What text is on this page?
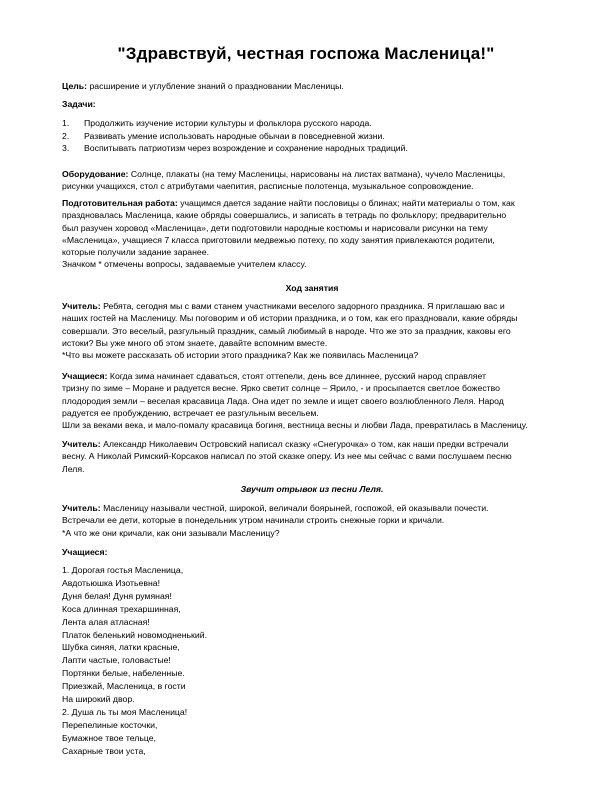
"Здравствуй, честная госпожа Масленица!"

Цель: расширение и углубление знаний о праздновании Масленицы.

Задачи:

1. Продолжить изучение истории культуры и фольклора русского народа.
2. Развивать умение использовать народные обычаи в повседневной жизни.
3. Воспитывать патриотизм через возрождение и сохранение народных традиций.

Оборудование: Солнце, плакаты (на тему Масленицы, нарисованы на листах ватмана), чучело Масленицы,
рисунки учащихся, стол с атрибутами чаепития, расписные полотенца, музыкальное сопровождение.

Подготовительная работа: учащимся дается задание найти пословицы о блинах; найти материалы о том, как
праздновалась Масленица, какие обряды совершались, и записать в тетрадь по фольклору; предварительно
был разучен хоровод «Масленица», дети подготовили народные костюмы и нарисовали рисунки на тему
«Масленица», учащиеся 7 класса приготовили медвежью потеху, по ходу занятия привлекаются родители,
которые получили задание заранее.
Значком * отмечены вопросы, задаваемые учителем классу.

Ход занятия

Учитель: Ребята, сегодня мы с вами станем участниками веселого задорного праздника. Я приглашаю вас и
наших гостей на Масленицу. Мы поговорим и об истории праздника, и о том, как его праздновали, какие обряды
совершали. Это веселый, разгульный праздник, самый любимый в народе. Что же это за праздник, каковы его
истоки? Вы уже много об этом знаете, давайте вспомним вместе.
*Что вы можете рассказать об истории этого праздника? Как же появилась Масленица?

Учащиеся: Когда зима начинает сдаваться, стоят оттепели, день все длиннее, русский народ справляет
тризну по зиме – Моране и радуется весне. Ярко светит солнце – Ярило, - и просыпается светлое божество
плодородия земли – веселая красавица Лада. Она идет по земле и ищет своего возлюбленного Леля. Народ
радуется ее пробуждению, встречает ее разгульным весельем.
Шли за веками века, и мало-помалу красавица богиня, вестница весны и любви Лада, превратилась в Масленицу.

Учитель: Александр Николаевич Островский написал сказку «Снегурочка» о том, как наши предки встречали
весну. А Николай Римский-Корсаков написал по этой сказке оперу. Из нее мы сейчас с вами послушаем песню
Леля.

Звучит отрывок из песни Леля.

Учитель: Масленицу называли честной, широкой, величали боярыней, госпожой, ей оказывали почести.
Встречали ее дети, которые в понедельник утром начинали строить снежные горки и кричали.
*А что же они кричали, как они зазывали Масленицу?

Учащиеся:

1. Дорогая гостья Масленица,
Авдотьюшка Изотьевна!
Дуня белая! Дуня румяная!
Коса длинная трехаршинная,
Лента алая атласная!
Платок беленький новомодненький.
Шубка синяя, латки красные,
Лапти частые, головастые!
Портянки белые, набеленные.
Приезжай, Масленица, в гости
На широкий двор.
2. Душа ль ты моя Масленица!
Перепелиные косточки,
Бумажное твое тельце,
Сахарные твои уста,
